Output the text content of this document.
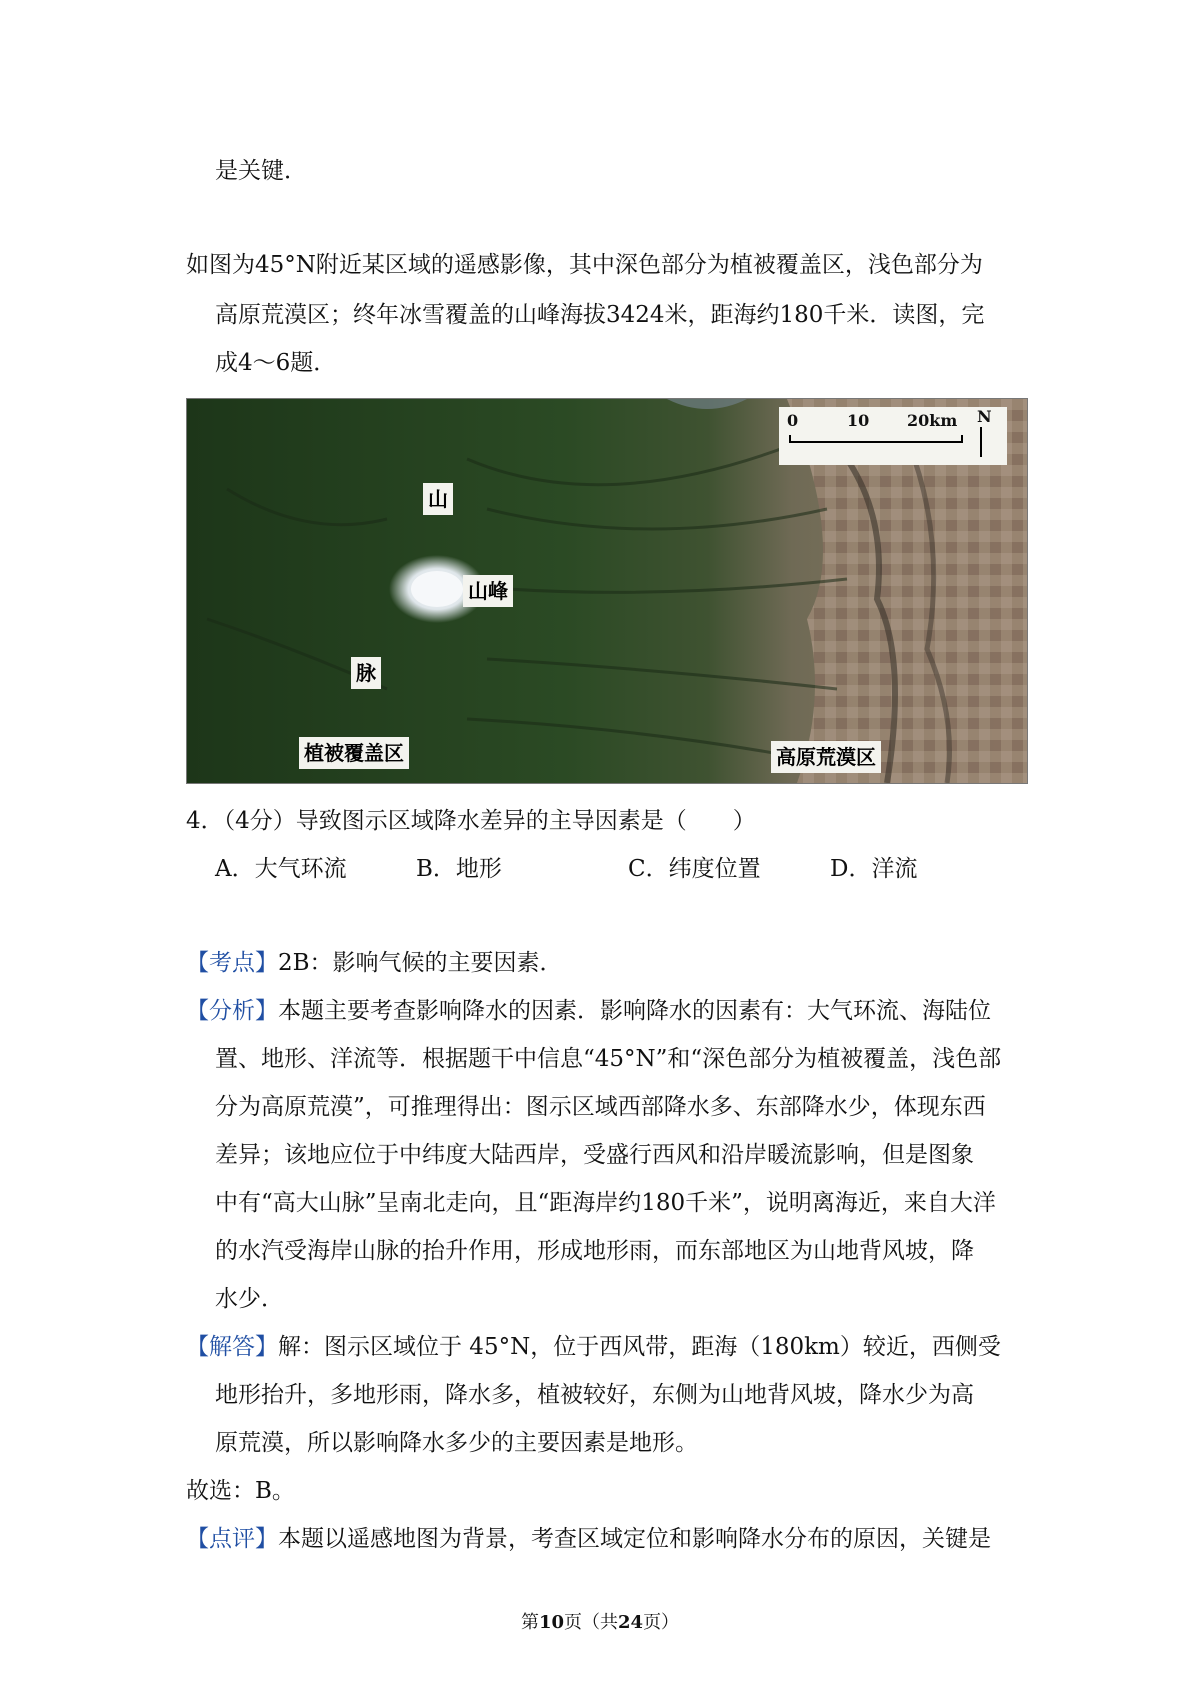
是关键．
如图为45°N附近某区域的遥感影像，其中深色部分为植被覆盖区，浅色部分为
高原荒漠区；终年冰雪覆盖的山峰海拔3424米，距海约180千米．读图，完
成4～6题．
0	10 20km N
山
脉
山峰
植被覆盖区	高原荒漠区
4．（4分）导致图示区域降水差异的主导因素是（　　）
A．大气环流	B．地形	C．纬度位置	D．洋流
【考点】2B：影响气候的主要因素．
【分析】本题主要考查影响降水的因素．影响降水的因素有：大气环流、海陆位
置、地形、洋流等．根据题干中信息“45°N”和“深色部分为植被覆盖，浅色部
分为高原荒漠”，可推理得出：图示区域西部降水多、东部降水少，体现东西
差异；该地应位于中纬度大陆西岸，受盛行西风和沿岸暖流影响，但是图象
中有“高大山脉”呈南北走向，且“距海岸约180千米”，说明离海近，来自大洋
的水汽受海岸山脉的抬升作用，形成地形雨，而东部地区为山地背风坡，降
水少．
【解答】解：图示区域位于 45°N，位于西风带，距海（180km）较近，西侧受
地形抬升，多地形雨，降水多，植被较好，东侧为山地背风坡，降水少为高
原荒漠，所以影响降水多少的主要因素是地形。
故选：B。
【点评】本题以遥感地图为背景，考查区域定位和影响降水分布的原因，关键是
第10页（共24页）
